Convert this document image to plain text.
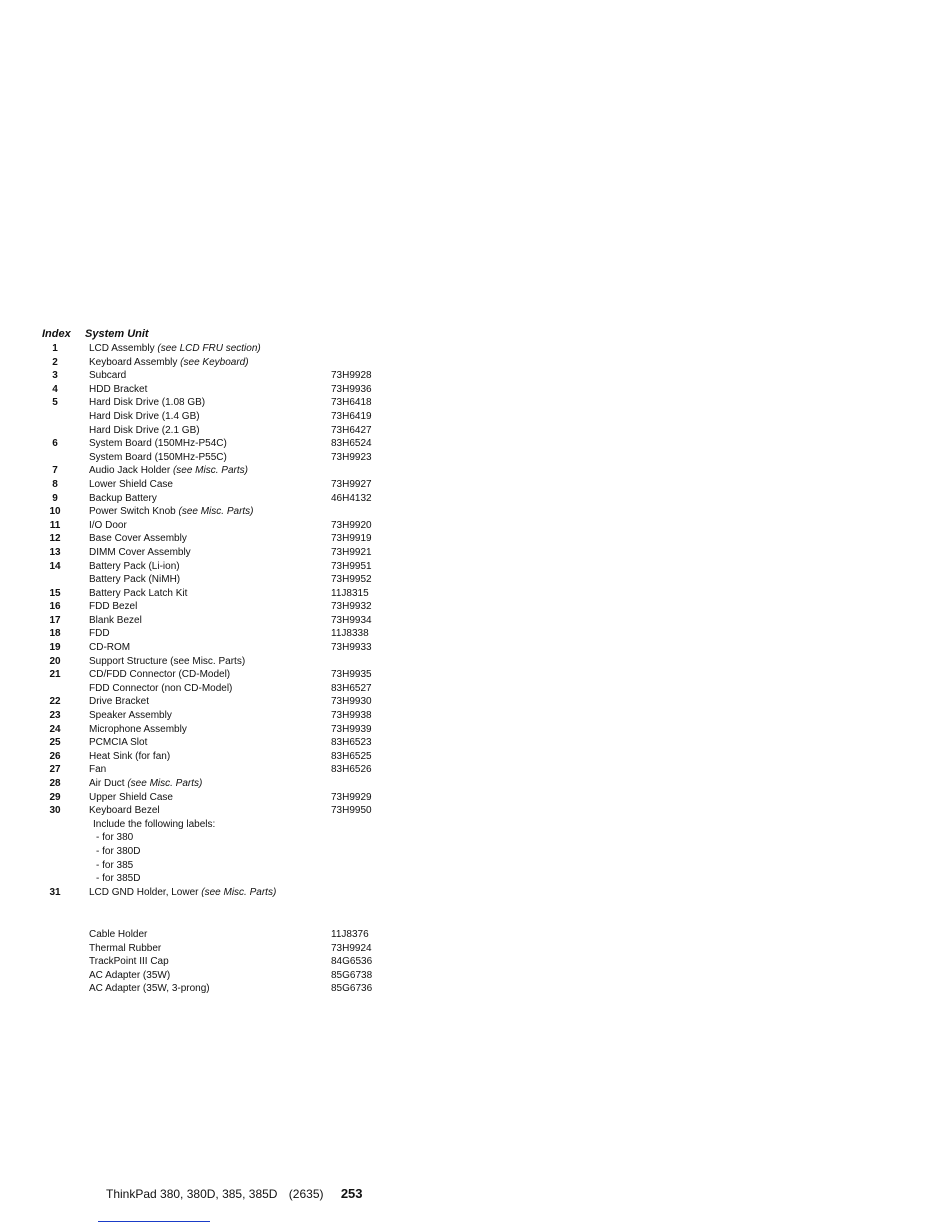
Index System Unit
1	LCD Assembly (see LCD FRU section)
2	Keyboard Assembly (see Keyboard)
3	Subcard	73H9928
4	HDD Bracket	73H9936
5	Hard Disk Drive (1.08 GB)	73H6418
Hard Disk Drive (1.4 GB)	73H6419
Hard Disk Drive (2.1 GB)	73H6427
6	System Board (150MHz-P54C)	83H6524
System Board (150MHz-P55C)	73H9923
7	Audio Jack Holder (see Misc. Parts)
8	Lower Shield Case	73H9927
9	Backup Battery	46H4132
10	Power Switch Knob (see Misc. Parts)
11	I/O Door	73H9920
12	Base Cover Assembly	73H9919
13	DIMM Cover Assembly	73H9921
14	Battery Pack (Li-ion)	73H9951
Battery Pack (NiMH)	73H9952
15	Battery Pack Latch Kit	11J8315
16	FDD Bezel	73H9932
17	Blank Bezel	73H9934
18	FDD	11J8338
19	CD-ROM	73H9933
20	Support Structure (see Misc. Parts)
21	CD/FDD Connector (CD-Model)	73H9935
FDD Connector (non CD-Model)	83H6527
22	Drive Bracket	73H9930
23	Speaker Assembly	73H9938
24	Microphone Assembly	73H9939
25	PCMCIA Slot	83H6523
26	Heat Sink (for fan)	83H6525
27	Fan	83H6526
28	Air Duct (see Misc. Parts)
29	Upper Shield Case	73H9929
30	Keyboard Bezel	73H9950
Include the following labels:
- for 380
- for 380D
- for 385
- for 385D
31	LCD GND Holder, Lower (see Misc. Parts)
Cable Holder	11J8376
Thermal Rubber	73H9924
TrackPoint III Cap	84G6536
AC Adapter (35W)	85G6738
AC Adapter (35W, 3-prong)	85G6736
ThinkPad 380, 380D, 385, 385D (2635) 253
